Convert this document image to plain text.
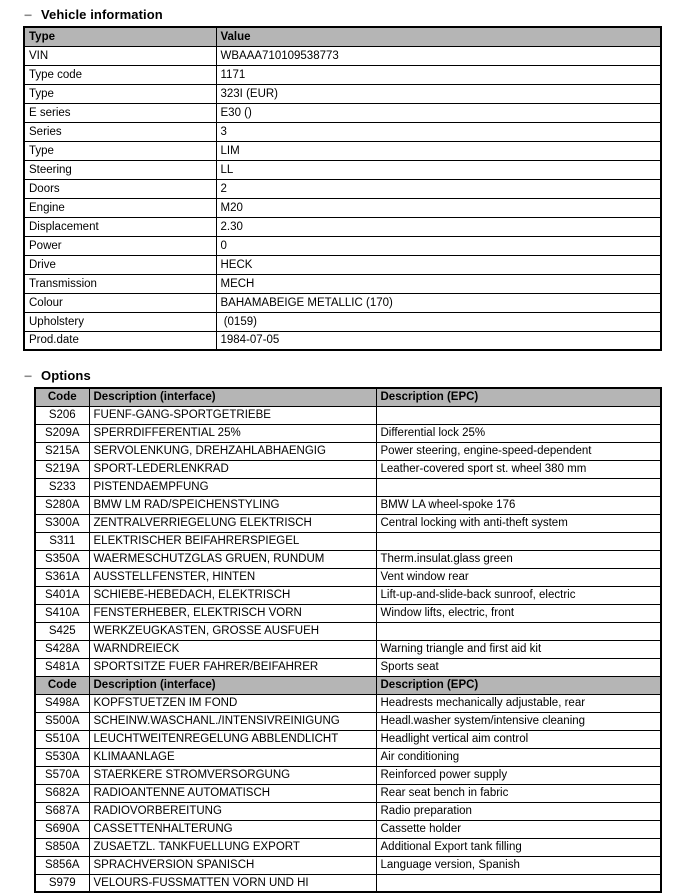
− Vehicle information
Type	Value
VIN	WBAAA710109538773
Type code	1171
Type	323I (EUR)
E series	E30 ()
Series	3
Type	LIM
Steering	LL
Doors	2
Engine	M20
Displacement	2.30
Power	0
Drive	HECK
Transmission	MECH
Colour	BAHAMABEIGE METALLIC (170)
Upholstery	(0159)
Prod.date	1984-07-05
− Options
Code	Description (interface)	Description (EPC)
S206	FUENF-GANG-SPORTGETRIEBE	
S209A	SPERRDIFFERENTIAL 25%	Differential lock 25%
S215A	SERVOLENKUNG, DREHZAHLABHAENGIG	Power steering, engine-speed-dependent
S219A	SPORT-LEDERLENKRAD	Leather-covered sport st. wheel 380 mm
S233	PISTENDAEMPFUNG	
S280A	BMW LM RAD/SPEICHENSTYLING	BMW LA wheel-spoke 176
S300A	ZENTRALVERRIEGELUNG ELEKTRISCH	Central locking with anti-theft system
S311	ELEKTRISCHER BEIFAHRERSPIEGEL	
S350A	WAERMESCHUTZGLAS GRUEN, RUNDUM	Therm.insulat.glass green
S361A	AUSSTELLFENSTER, HINTEN	Vent window rear
S401A	SCHIEBE-HEBEDACH, ELEKTRISCH	Lift-up-and-slide-back sunroof, electric
S410A	FENSTERHEBER, ELEKTRISCH VORN	Window lifts, electric, front
S425	WERKZEUGKASTEN, GROSSE AUSFUEH	
S428A	WARNDREIECK	Warning triangle and first aid kit
S481A	SPORTSITZE FUER FAHRER/BEIFAHRER	Sports seat
Code	Description (interface)	Description (EPC)
S498A	KOPFSTUETZEN IM FOND	Headrests mechanically adjustable, rear
S500A	SCHEINW.WASCHANL./INTENSIVREINIGUNG	Headl.washer system/intensive cleaning
S510A	LEUCHTWEITENREGELUNG ABBLENDLICHT	Headlight vertical aim control
S530A	KLIMAANLAGE	Air conditioning
S570A	STAERKERE STROMVERSORGUNG	Reinforced power supply
S682A	RADIOANTENNE AUTOMATISCH	Rear seat bench in fabric
S687A	RADIOVORBEREITUNG	Radio preparation
S690A	CASSETTENHALTERUNG	Cassette holder
S850A	ZUSAETZL. TANKFUELLUNG EXPORT	Additional Export tank filling
S856A	SPRACHVERSION SPANISCH	Language version, Spanish
S979	VELOURS-FUSSMATTEN VORN UND HI	
